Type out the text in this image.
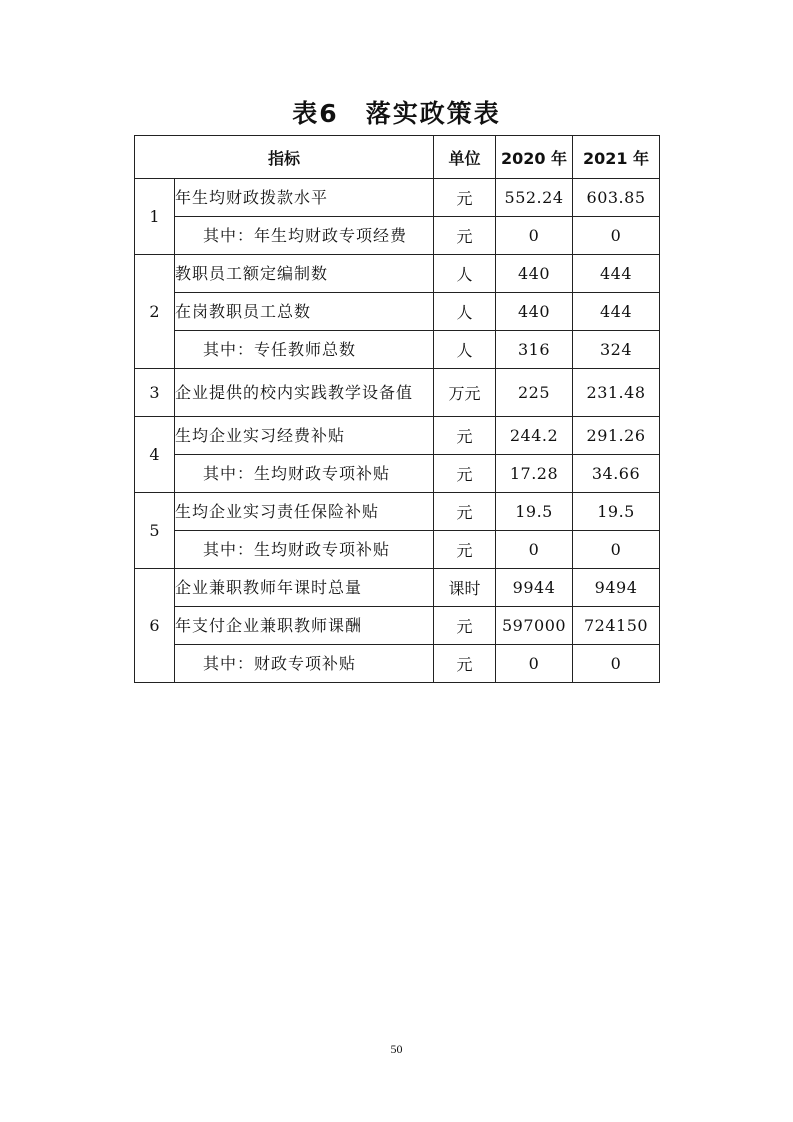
表6　落实政策表
指标		单位	2020 年	2021 年
1	年生均财政拨款水平	元	552.24	603.85
	其中：年生均财政专项经费	元	0	0
2	教职员工额定编制数	人	440	444
	在岗教职员工总数	人	440	444
	其中：专任教师总数	人	316	324
3	企业提供的校内实践教学设备值	万元	225	231.48
4	生均企业实习经费补贴	元	244.2	291.26
	其中：生均财政专项补贴	元	17.28	34.66
5	生均企业实习责任保险补贴	元	19.5	19.5
	其中：生均财政专项补贴	元	0	0
6	企业兼职教师年课时总量	课时	9944	9494
	年支付企业兼职教师课酬	元	597000	724150
	其中：财政专项补贴	元	0	0
50
